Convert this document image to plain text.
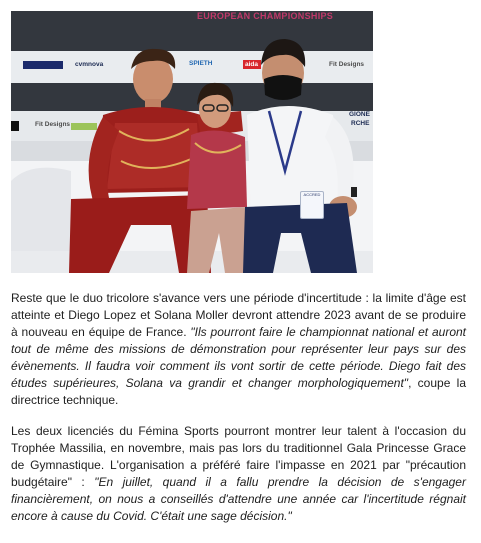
EUROPEAN CHAMPIONSHIPS
cvmnova	SPIETH	aida	Fit Designs
Fit Designs
GIONE
RCHE
ACCRED

Reste que le duo tricolore s'avance vers une période d'incertitude : la limite d'âge est atteinte et Diego Lopez et Solana Moller devront attendre 2023 avant de se produire à nouveau en équipe de France. "Ils pourront faire le championnat national et auront tout de même des missions de démonstration pour représenter leur pays sur des évènements. Il faudra voir comment ils vont sortir de cette période. Diego fait des études supérieures, Solana va grandir et changer morphologiquement", coupe la directrice technique.

Les deux licenciés du Fémina Sports pourront montrer leur talent à l'occasion du Trophée Massilia, en novembre, mais pas lors du traditionnel Gala Princesse Grace de Gymnastique. L'organisation a préféré faire l'impasse en 2021 par "précaution budgétaire" : "En juillet, quand il a fallu prendre la décision de s'engager financièrement, on nous a conseillés d'attendre une année car l'incertitude régnait encore à cause du Covid. C'était une sage décision."
